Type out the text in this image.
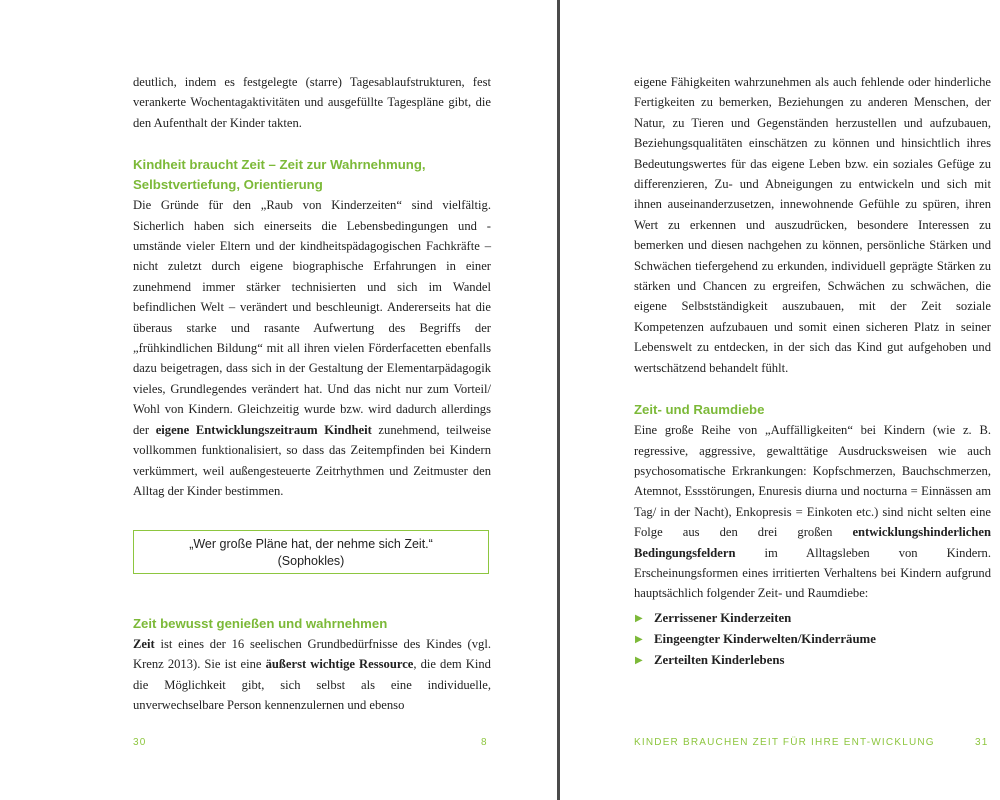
deutlich, indem es festgelegte (starre) Tagesablaufstrukturen, fest verankerte Wochentagaktivitäten und ausgefüllte Tagespläne gibt, die den Aufenthalt der Kinder takten.

Kindheit braucht Zeit – Zeit zur Wahrnehmung, Selbstvertiefung, Orientierung

Die Gründe für den „Raub von Kinderzeiten“ sind vielfältig. Sicherlich haben sich einerseits die Lebensbedingungen und -umstände vieler Eltern und der kindheitspädagogischen Fachkräfte – nicht zuletzt durch eigene biographische Erfahrungen in einer zunehmend immer stärker technisierten und sich im Wandel befindlichen Welt – verändert und beschleunigt. Andererseits hat die überaus starke und rasante Aufwertung des Begriffs der „frühkindlichen Bildung“ mit all ihren vielen Förderfacetten ebenfalls dazu beigetragen, dass sich in der Gestaltung der Elementarpädagogik vieles, Grundlegendes verändert hat. Und das nicht nur zum Vorteil/ Wohl von Kindern. Gleichzeitig wurde bzw. wird dadurch allerdings der eigene Entwicklungszeitraum Kindheit zunehmend, teilweise vollkommen funktionalisiert, so dass das Zeitempfinden bei Kindern verkümmert, weil außengesteuerte Zeitrhythmen und Zeitmuster den Alltag der Kinder bestimmen.

„Wer große Pläne hat, der nehme sich Zeit.“
(Sophokles)
Zeit bewusst genießen und wahrnehmen

Zeit ist eines der 16 seelischen Grundbedürfnisse des Kindes (vgl. Krenz 2013). Sie ist eine äußerst wichtige Ressource, die dem Kind die Möglichkeit gibt, sich selbst als eine individuelle, unverwechselbare Person kennenzulernen und ebenso

30	8

eigene Fähigkeiten wahrzunehmen als auch fehlende oder hinderliche Fertigkeiten zu bemerken, Beziehungen zu anderen Menschen, der Natur, zu Tieren und Gegenständen herzustellen und aufzubauen, Beziehungsqualitäten einschätzen zu können und hinsichtlich ihres Bedeutungswertes für das eigene Leben bzw. ein soziales Gefüge zu differenzieren, Zu- und Abneigungen zu entwickeln und sich mit ihnen auseinanderzusetzen, innewohnende Gefühle zu spüren, ihren Wert zu erkennen und auszudrücken, besondere Interessen zu bemerken und diesen nachgehen zu können, persönliche Stärken und Schwächen tiefergehend zu erkunden, individuell geprägte Stärken zu stärken und Chancen zu ergreifen, Schwächen zu schwächen, die eigene Selbstständigkeit auszubauen, mit der Zeit soziale Kompetenzen aufzubauen und somit einen sicheren Platz in seiner Lebenswelt zu entdecken, in der sich das Kind gut aufgehoben und wertschätzend behandelt fühlt.

Zeit- und Raumdiebe

Eine große Reihe von „Auffälligkeiten“ bei Kindern (wie z. B. regressive, aggressive, gewalttätige Ausdrucksweisen wie auch psychosomatische Erkrankungen: Kopfschmerzen, Bauchschmerzen, Atemnot, Essstörungen, Enuresis diurna und nocturna = Einnässen am Tag/ in der Nacht), Enkopresis = Einkoten etc.) sind nicht selten eine Folge aus den drei großen entwicklungshinderlichen Bedingungsfeldern im Alltagsleben von Kindern. Erscheinungsformen eines irritierten Verhaltens bei Kindern aufgrund hauptsächlich folgender Zeit- und Raumdiebe:

▶ Zerrissener Kinderzeiten
▶ Eingeengter Kinderwelten/Kinderräume
▶ Zerteilten Kinderlebens
KINDER BRAUCHEN ZEIT FÜR IHRE ENT-WICKLUNG	31
